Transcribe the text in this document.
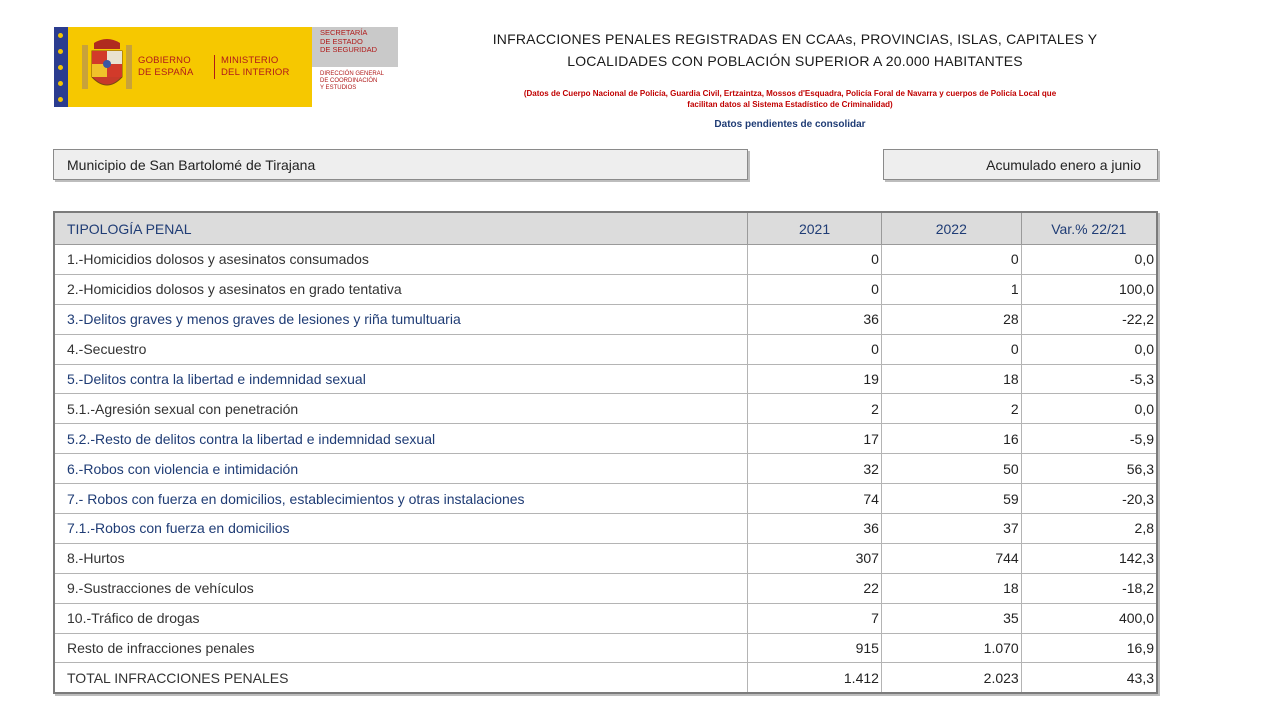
GOBIERNO
DE ESPAÑA
MINISTERIO
DEL INTERIOR
SECRETARÍA
DE ESTADO
DE SEGURIDAD
DIRECCIÓN GENERAL
DE COORDINACIÓN
Y ESTUDIOS
INFRACCIONES PENALES REGISTRADAS EN CCAAs, PROVINCIAS, ISLAS, CAPITALES Y
LOCALIDADES CON POBLACIÓN SUPERIOR A 20.000 HABITANTES
(Datos de Cuerpo Nacional de Policía, Guardia Civil, Ertzaintza, Mossos d'Esquadra, Policía Foral de Navarra y cuerpos de Policía Local que
facilitan datos al Sistema Estadístico de Criminalidad)
Datos pendientes de consolidar
Municipio de San Bartolomé de Tirajana	Acumulado enero a junio
TIPOLOGÍA PENAL	2021	2022	Var.% 22/21
1.-Homicidios dolosos y asesinatos consumados	0	0	0,0
2.-Homicidios dolosos y asesinatos en grado tentativa	0	1	100,0
3.-Delitos graves y menos graves de lesiones y riña tumultuaria	36	28	-22,2
4.-Secuestro	0	0	0,0
5.-Delitos contra la libertad e indemnidad sexual	19	18	-5,3
5.1.-Agresión sexual con penetración	2	2	0,0
5.2.-Resto de delitos contra la libertad e indemnidad sexual	17	16	-5,9
6.-Robos con violencia e intimidación	32	50	56,3
7.- Robos con fuerza en domicilios, establecimientos y otras instalaciones	74	59	-20,3
7.1.-Robos con fuerza en domicilios	36	37	2,8
8.-Hurtos	307	744	142,3
9.-Sustracciones de vehículos	22	18	-18,2
10.-Tráfico de drogas	7	35	400,0
Resto de infracciones penales	915	1.070	16,9
TOTAL INFRACCIONES PENALES	1.412	2.023	43,3
